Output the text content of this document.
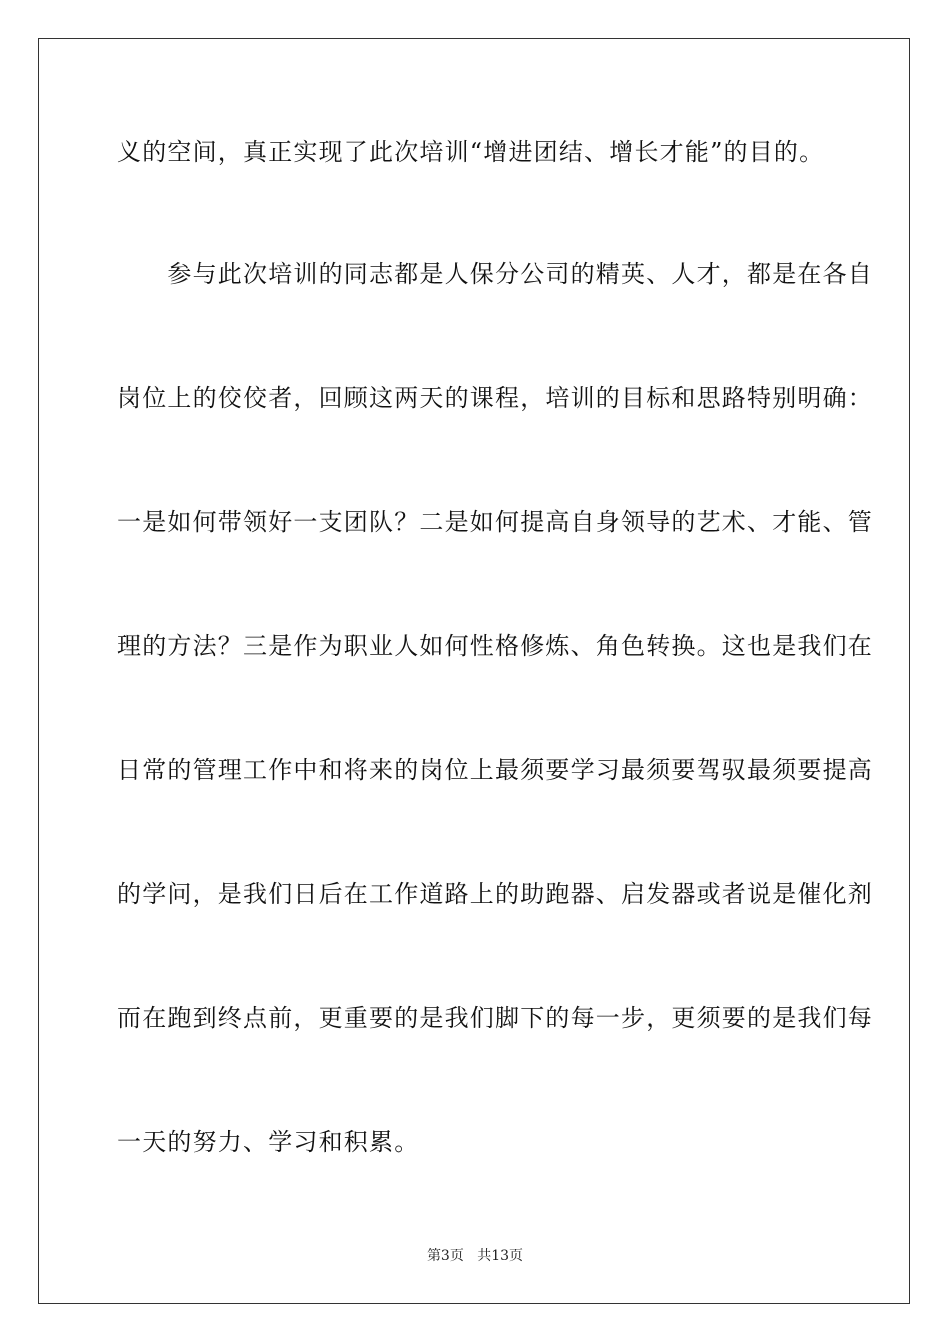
义的空间，真正实现了此次培训“增进团结、增长才能”的目的。
　　参与此次培训的同志都是人保分公司的精英、人才，都是在各自
岗位上的佼佼者，回顾这两天的课程，培训的目标和思路特别明确：
一是如何带领好一支团队？二是如何提高自身领导的艺术、才能、管
理的方法？三是作为职业人如何性格修炼、角色转换。这也是我们在
日常的管理工作中和将来的岗位上最须要学习最须要驾驭最须要提高
的学问，是我们日后在工作道路上的助跑器、启发器或者说是催化剂
而在跑到终点前，更重要的是我们脚下的每一步，更须要的是我们每
一天的努力、学习和积累。
第3页 共13页
